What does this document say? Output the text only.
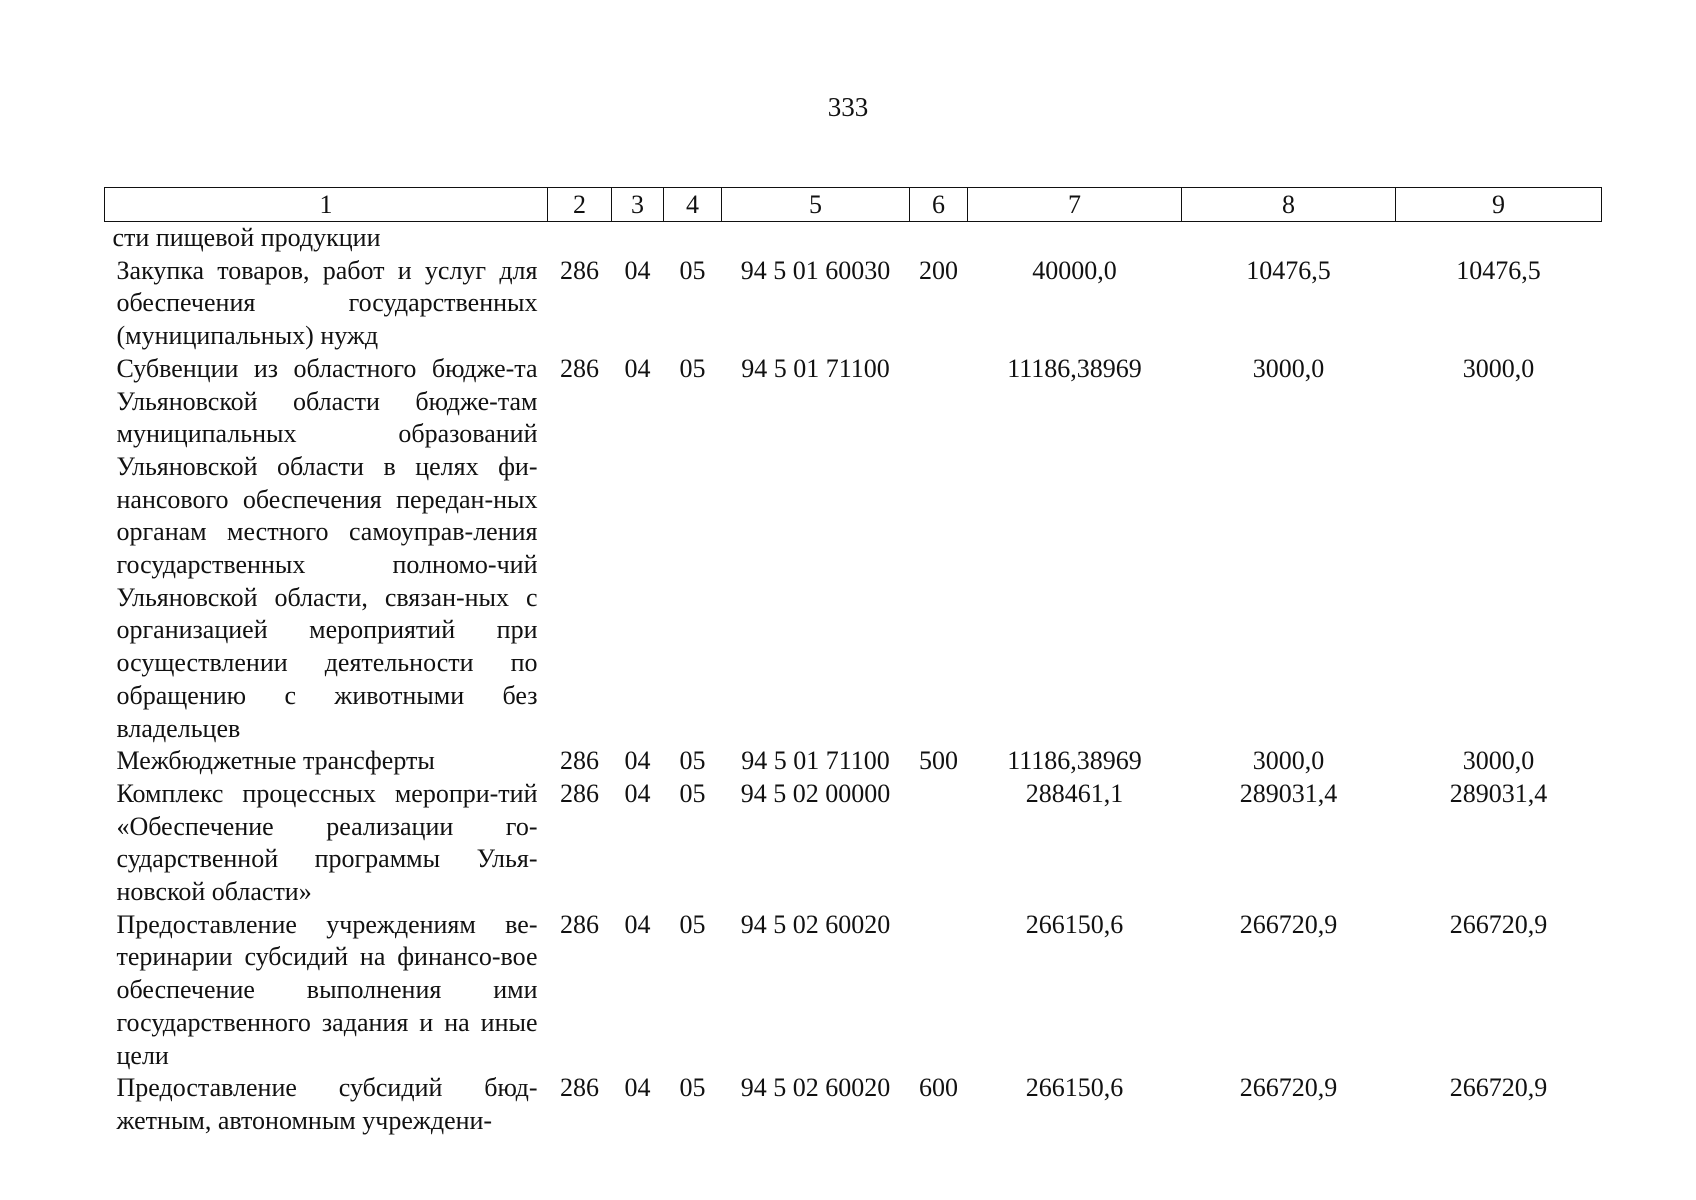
333
1	2	3	4	5	6	7	8	9
сти пищевой продукции								
Закупка товаров, работ и услуг для обеспечения государственных (муниципальных) нужд	286	04	05	94 5 01 60030	200	40000,0	10476,5	10476,5
Субвенции из областного бюдже-та Ульяновской области бюдже-там муниципальных образований Ульяновской области в целях фи-нансового обеспечения передан-ных органам местного самоуправ-ления государственных полномо-чий Ульяновской области, связан-ных с организацией мероприятий при осуществлении деятельности по обращению с животными без владельцев	286	04	05	94 5 01 71100		11186,38969	3000,0	3000,0
Межбюджетные трансферты	286	04	05	94 5 01 71100	500	11186,38969	3000,0	3000,0
Комплекс процессных меропри-тий «Обеспечение реализации го-сударственной программы Улья-новской области»	286	04	05	94 5 02 00000		288461,1	289031,4	289031,4
Предоставление учреждениям ве-теринарии субсидий на финансо-вое обеспечение выполнения ими государственного задания и на иные цели	286	04	05	94 5 02 60020		266150,6	266720,9	266720,9
Предоставление субсидий бюд-жетным, автономным учреждени-	286	04	05	94 5 02 60020	600	266150,6	266720,9	266720,9
